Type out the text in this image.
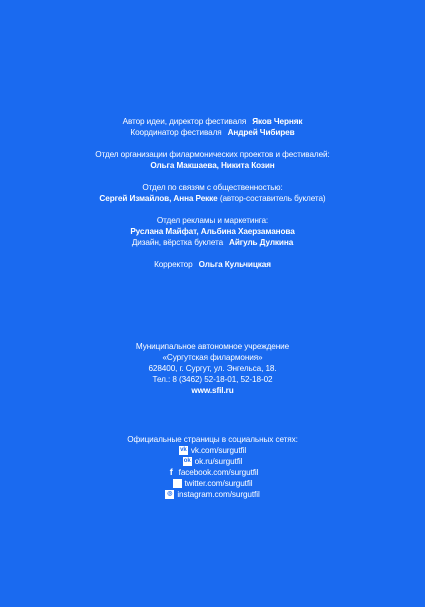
Автор идеи, директор фестиваля Яков Черняк
Координатор фестиваля Андрей Чибирев
Отдел организации филармонических проектов и фестивалей:
Ольга Макшаева, Никита Козин
Отдел по связям с общественностью:
Сергей Измайлов, Анна Рекке (автор-составитель буклета)
Отдел рекламы и маркетинга:
Руслана Майфат, Альбина Хаерзаманова
Дизайн, вёрстка буклета Айгуль Дулкина
Корректор Ольга Кульчицкая
Муниципальное автономное учреждение
«Сургутская филармония»
628400, г. Сургут, ул. Энгельса, 18.
Тел.: 8 (3462) 52-18-01, 52-18-02
www.sfil.ru
Официальные страницы в социальных сетях:
vk vk.com/surgutfil
ok ok.ru/surgutfil
f facebook.com/surgutfil
twitter.com/surgutfil
◎ instagram.com/surgutfil
